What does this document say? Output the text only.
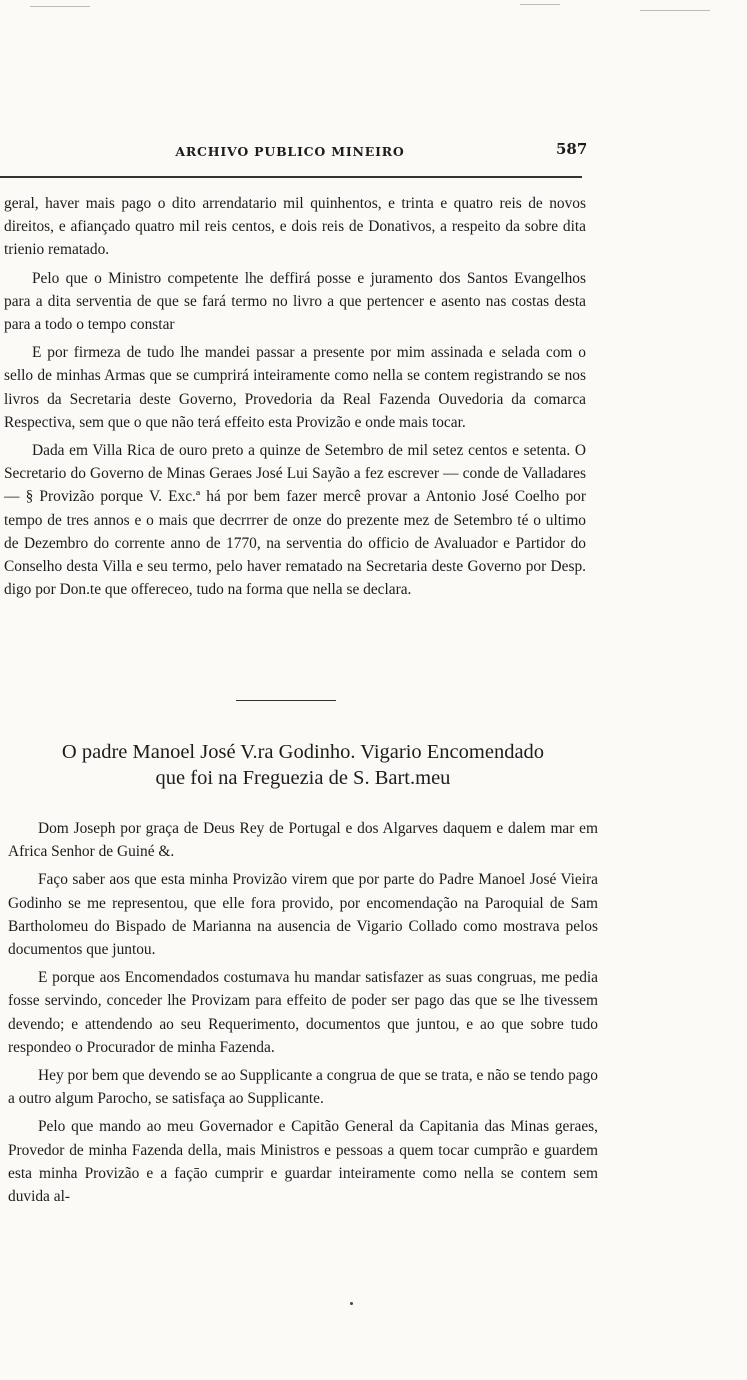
ARCHIVO PUBLICO MINEIRO	587

geral, haver mais pago o dito arrendatario mil quinhentos, e trinta e quatro reis de novos direitos, e afiançado quatro mil reis centos, e dois reis de Donativos, a respeito da sobre dita trienio rematado.

Pelo que o Ministro competente lhe deffirá posse e juramento dos Santos Evangelhos para a dita serventia de que se fará termo no livro a que pertencer e asento nas costas desta para a todo o tempo constar

E por firmeza de tudo lhe mandei passar a presente por mim assinada e selada com o sello de minhas Armas que se cumprirá inteiramente como nella se contem registrando se nos livros da Secretaria deste Governo, Provedoria da Real Fazenda Ouvedoria da comarca Respectiva, sem que o que não terá effeito esta Provizão e onde mais tocar.

Dada em Villa Rica de ouro preto a quinze de Setembro de mil setez centos e setenta. O Secretario do Governo de Minas Geraes José Lui Sayão a fez escrever — conde de Valladares — § Provizão porque V. Exc.ª há por bem fazer mercê provar a Antonio José Coelho por tempo de tres annos e o mais que decrrrer de onze do prezente mez de Setembro té o ultimo de Dezembro do corrente anno de 1770, na serventia do officio de Avaluador e Partidor do Conselho desta Villa e seu termo, pelo haver rematado na Secretaria deste Governo por Desp. digo por Don.te que offereceo, tudo na forma que nella se declara.

O padre Manoel José V.ra Godinho. Vigario Encomendado
que foi na Freguezia de S. Bart.meu

Dom Joseph por graça de Deus Rey de Portugal e dos Algarves daquem e dalem mar em Africa Senhor de Guiné &.

Faço saber aos que esta minha Provizão virem que por parte do Padre Manoel José Vieira Godinho se me representou, que elle fora provido, por encomendação na Paroquial de Sam Bartholomeu do Bispado de Marianna na ausencia de Vigario Collado como mostrava pelos documentos que juntou.

E porque aos Encomendados costumava hu mandar satisfazer as suas congruas, me pedia fosse servindo, conceder lhe Provizam para effeito de poder ser pago das que se lhe tivessem devendo; e attendendo ao seu Requerimento, documentos que juntou, e ao que sobre tudo respondeo o Procurador de minha Fazenda.

Hey por bem que devendo se ao Supplicante a congrua de que se trata, e não se tendo pago a outro algum Parocho, se satisfaça ao Supplicante.

Pelo que mando ao meu Governador e Capitão General da Capitania das Minas geraes, Provedor de minha Fazenda della, mais Ministros e pessoas a quem tocar cumprão e guardem esta minha Provizão e a façāo cumprir e guardar inteiramente como nella se contem sem duvida al-
